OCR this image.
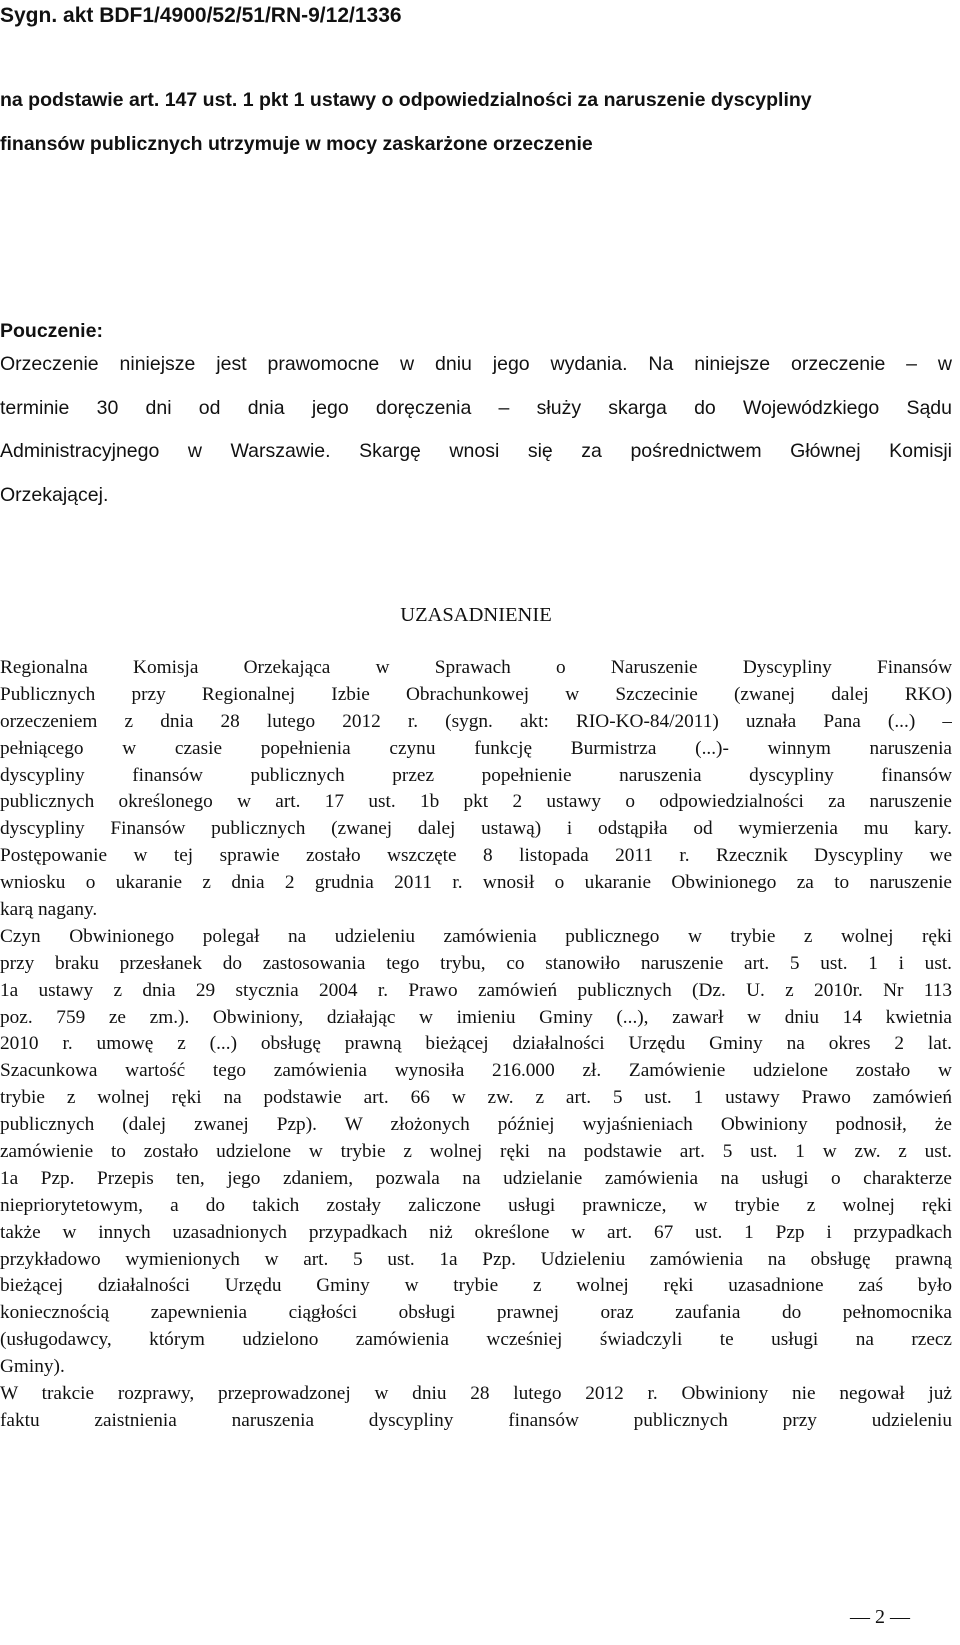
Sygn. akt BDF1/4900/52/51/RN-9/12/1336
na podstawie art. 147 ust. 1 pkt 1 ustawy o odpowiedzialności za naruszenie dyscypliny
finansów publicznych utrzymuje w mocy zaskarżone orzeczenie
Pouczenie:
Orzeczenie niniejsze jest prawomocne w dniu jego wydania. Na niniejsze orzeczenie – w
terminie 30 dni od dnia jego doręczenia – służy skarga do Wojewódzkiego Sądu
Administracyjnego w Warszawie. Skargę wnosi się za pośrednictwem Głównej Komisji
Orzekającej.
UZASADNIENIE
Regionalna Komisja Orzekająca w Sprawach o Naruszenie Dyscypliny Finansów
Publicznych przy Regionalnej Izbie Obrachunkowej w Szczecinie (zwanej dalej RKO)
orzeczeniem z dnia 28 lutego 2012 r. (sygn. akt: RIO-KO-84/2011) uznała Pana (...) –
pełniącego w czasie popełnienia czynu funkcję Burmistrza (...)- winnym naruszenia
dyscypliny finansów publicznych przez popełnienie naruszenia dyscypliny finansów
publicznych określonego w art. 17 ust. 1b pkt 2 ustawy o odpowiedzialności za naruszenie
dyscypliny Finansów publicznych (zwanej dalej ustawą) i odstąpiła od wymierzenia mu kary.
Postępowanie w tej sprawie zostało wszczęte 8 listopada 2011 r. Rzecznik Dyscypliny we
wniosku o ukaranie z dnia 2 grudnia 2011 r. wnosił o ukaranie Obwinionego za to naruszenie
karą nagany.
Czyn Obwinionego polegał na udzieleniu zamówienia publicznego w trybie z wolnej ręki
przy braku przesłanek do zastosowania tego trybu, co stanowiło naruszenie art. 5 ust. 1 i ust.
1a ustawy z dnia 29 stycznia 2004 r. Prawo zamówień publicznych (Dz. U. z 2010r. Nr 113
poz. 759 ze zm.). Obwiniony, działając w imieniu Gminy (...), zawarł w dniu 14 kwietnia
2010 r. umowę z (...) obsługę prawną bieżącej działalności Urzędu Gminy na okres 2 lat.
Szacunkowa wartość tego zamówienia wynosiła 216.000 zł. Zamówienie udzielone zostało w
trybie z wolnej ręki na podstawie art. 66 w zw. z art. 5 ust. 1 ustawy Prawo zamówień
publicznych (dalej zwanej Pzp). W złożonych później wyjaśnieniach Obwiniony podnosił, że
zamówienie to zostało udzielone w trybie z wolnej ręki na podstawie art. 5 ust. 1 w zw. z ust.
1a Pzp. Przepis ten, jego zdaniem, pozwala na udzielanie zamówienia na usługi o charakterze
niepriorytetowym, a do takich zostały zaliczone usługi prawnicze, w trybie z wolnej ręki
także w innych uzasadnionych przypadkach niż określone w art. 67 ust. 1 Pzp i przypadkach
przykładowo wymienionych w art. 5 ust. 1a Pzp. Udzieleniu zamówienia na obsługę prawną
bieżącej działalności Urzędu Gminy w trybie z wolnej ręki uzasadnione zaś było
koniecznością zapewnienia ciągłości obsługi prawnej oraz zaufania do pełnomocnika
(usługodawcy, którym udzielono zamówienia wcześniej świadczyli te usługi na rzecz
Gminy).
W trakcie rozprawy, przeprowadzonej w dniu 28 lutego 2012 r. Obwiniony nie negował już
faktu zaistnienia naruszenia dyscypliny finansów publicznych przy udzieleniu
— 2 —
